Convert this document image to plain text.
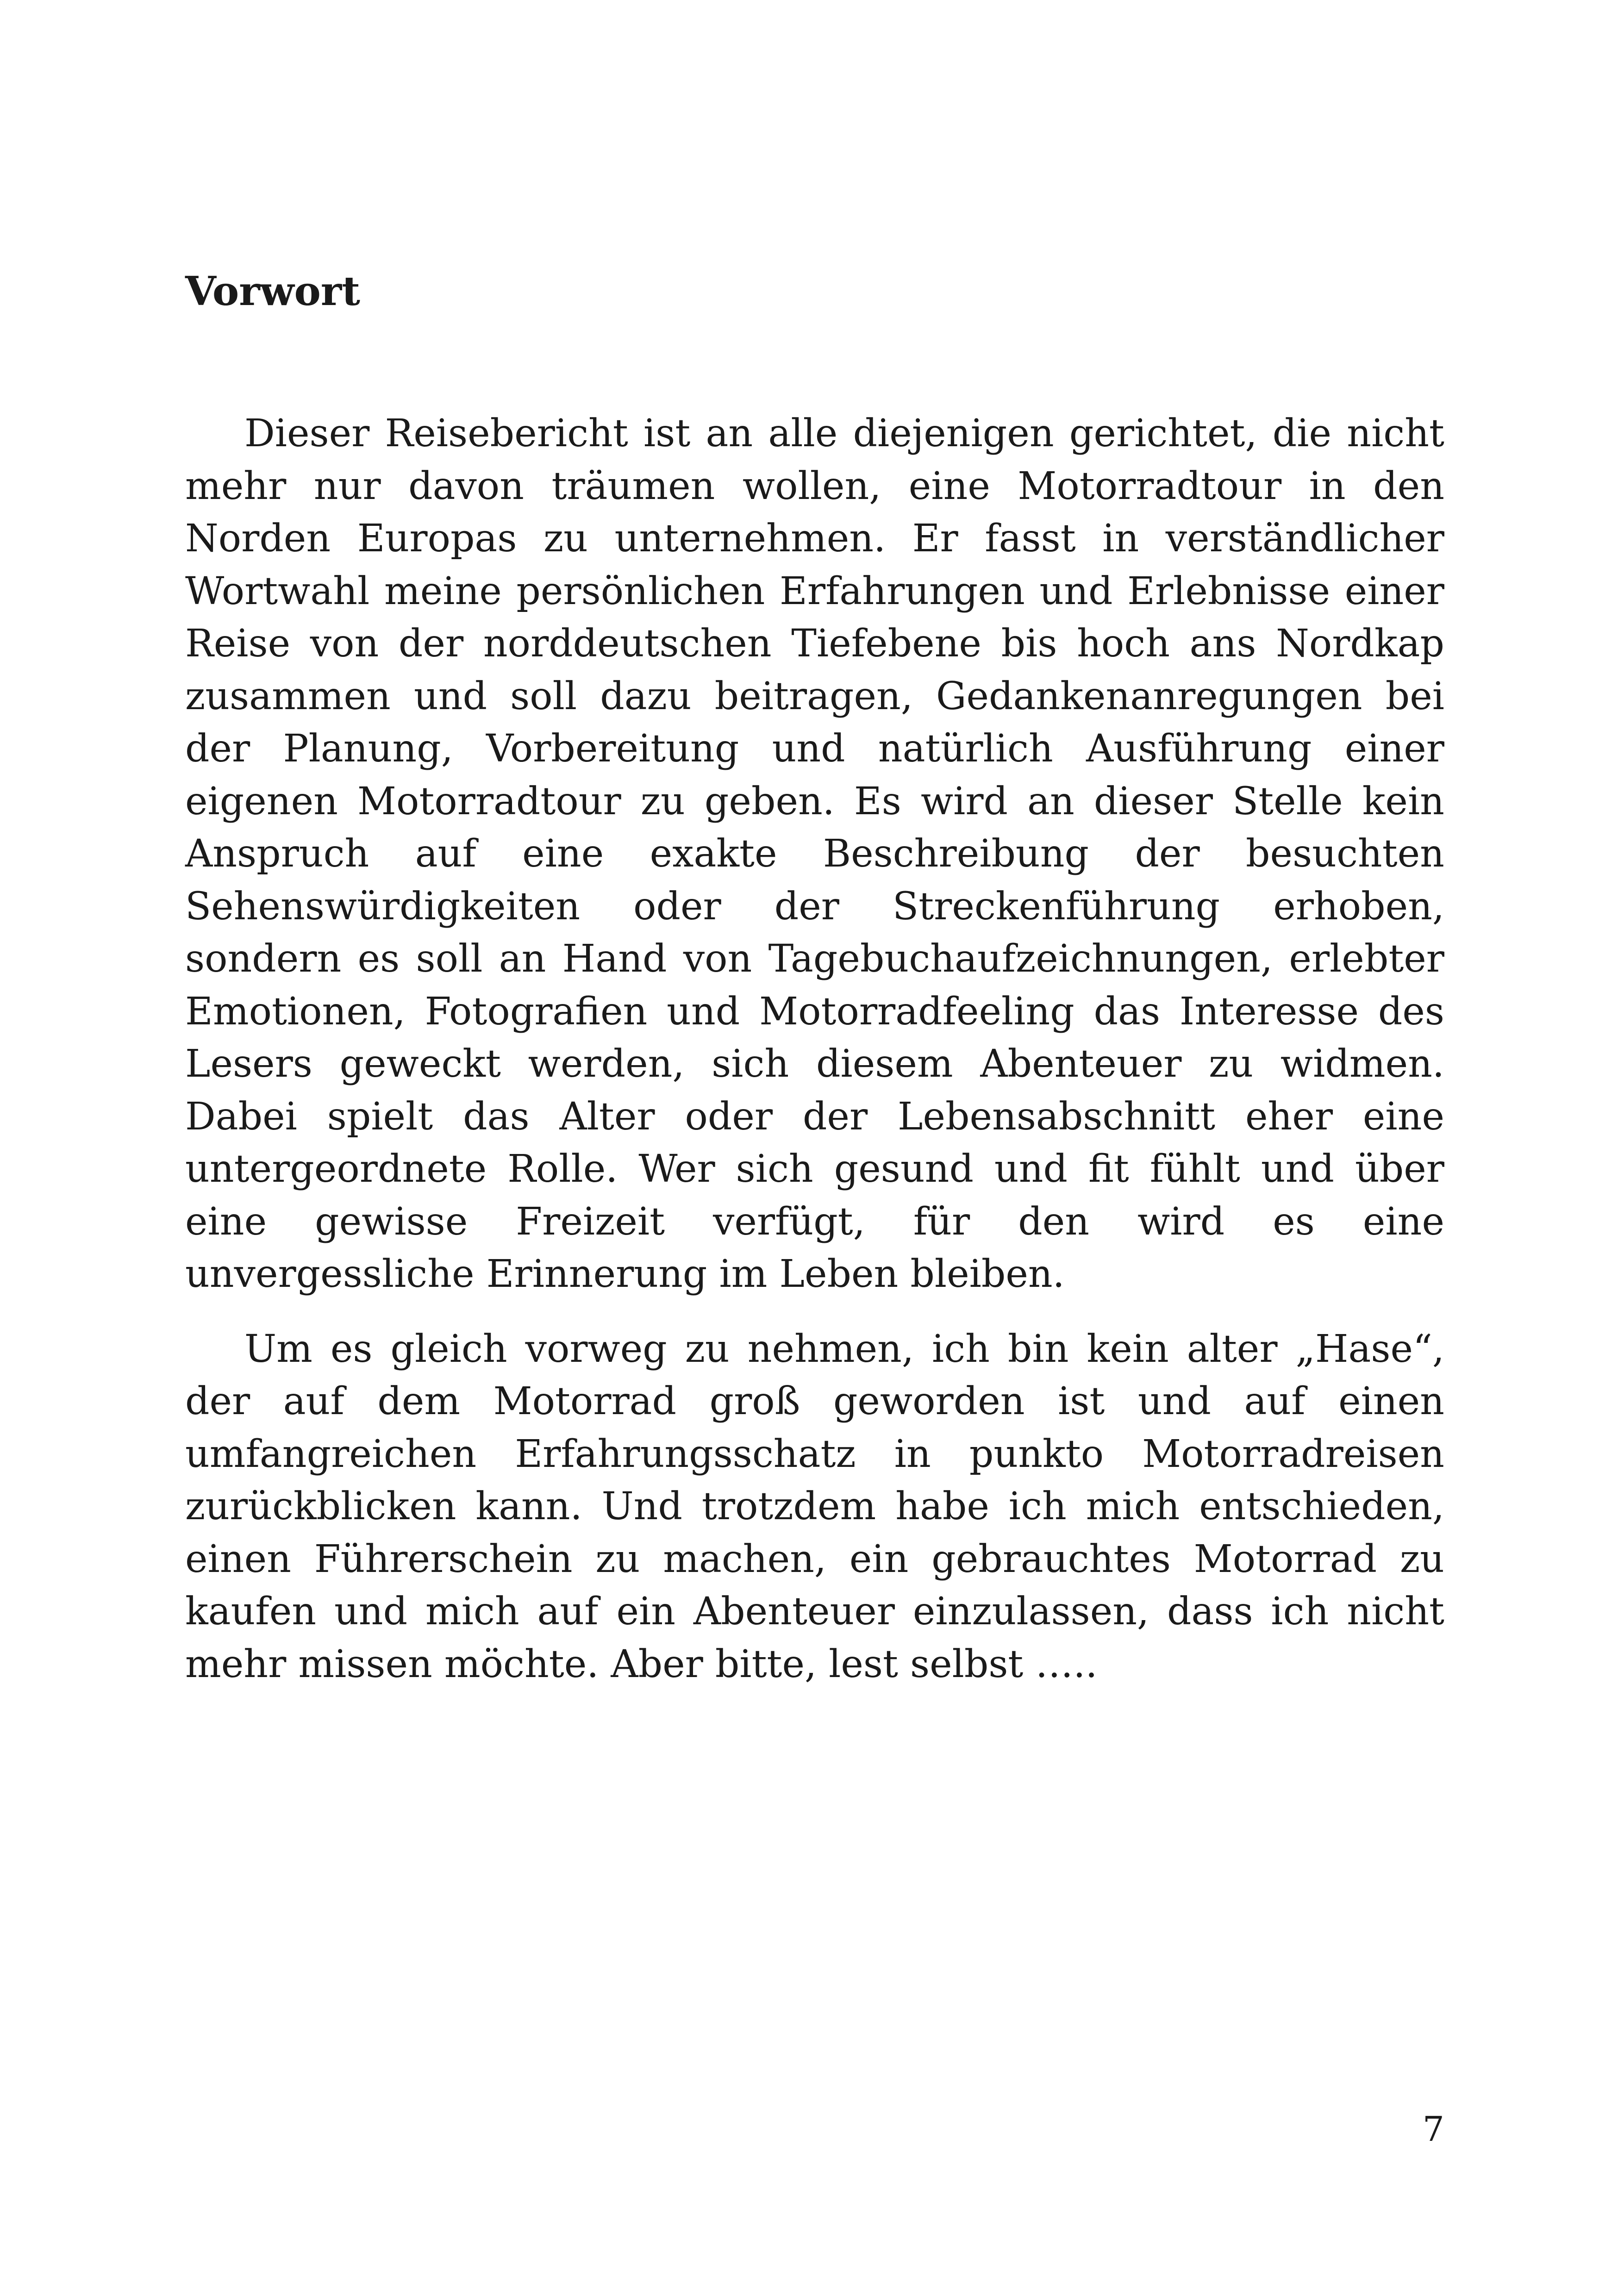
Vorwort

Dieser Reisebericht ist an alle diejenigen gerichtet, die nicht mehr nur davon träumen wollen, eine Motorradtour in den Norden Europas zu unternehmen. Er fasst in verständlicher Wortwahl meine persönlichen Erfahrungen und Erlebnisse einer Reise von der norddeutschen Tiefebene bis hoch ans Nordkap zusammen und soll dazu beitragen, Gedankenanregungen bei der Planung, Vorbereitung und natürlich Ausführung einer eigenen Motorradtour zu geben. Es wird an dieser Stelle kein Anspruch auf eine exakte Beschreibung der besuchten Sehenswürdigkeiten oder der Streckenführung erhoben, sondern es soll an Hand von Tagebuchaufzeichnungen, erlebter Emotionen, Fotografien und Motorradfeeling das Interesse des Lesers geweckt werden, sich diesem Abenteuer zu widmen. Dabei spielt das Alter oder der Lebensabschnitt eher eine untergeordnete Rolle. Wer sich gesund und fit fühlt und über eine gewisse Freizeit verfügt, für den wird es eine unvergessliche Erinnerung im Leben bleiben.

Um es gleich vorweg zu nehmen, ich bin kein alter „Hase“, der auf dem Motorrad groß geworden ist und auf einen umfangreichen Erfahrungsschatz in punkto Motorradreisen zurückblicken kann. Und trotzdem habe ich mich entschieden, einen Führerschein zu machen, ein gebrauchtes Motorrad zu kaufen und mich auf ein Abenteuer einzulassen, dass ich nicht mehr missen möchte. Aber bitte, lest selbst …..

7
